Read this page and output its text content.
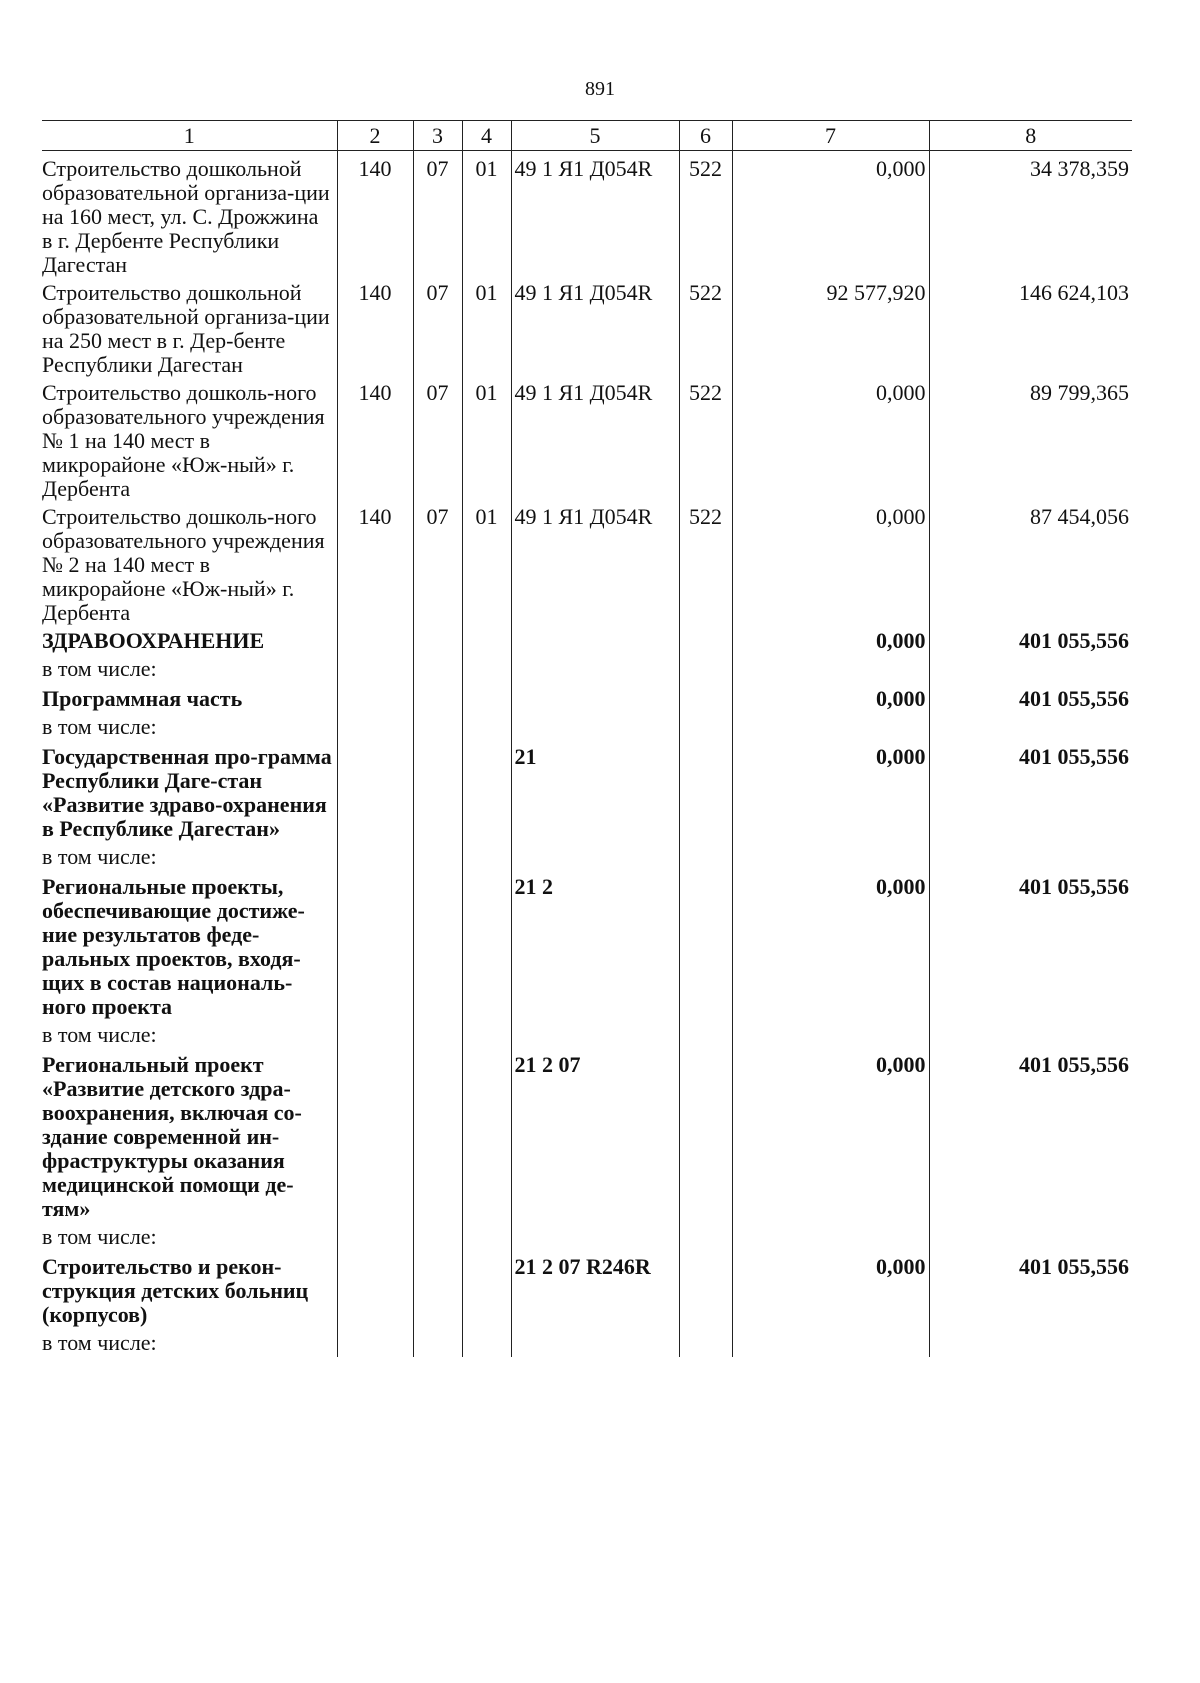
891
1	2	3	4	5	6	7	8
Строительство дошкольной образовательной организа-ции на 160 мест, ул. С. Дрожжина в г. Дербенте Республики Дагестан	140	07	01	49 1 Я1 Д054R	522	0,000	34 378,359
Строительство дошкольной образовательной организа-ции на 250 мест в г. Дер-бенте Республики Дагестан	140	07	01	49 1 Я1 Д054R	522	92 577,920	146 624,103
Строительство дошколь-ного образовательного учреждения № 1 на 140 мест в микрорайоне «Юж-ный» г. Дербента	140	07	01	49 1 Я1 Д054R	522	0,000	89 799,365
Строительство дошколь-ного образовательного учреждения № 2 на 140 мест в микрорайоне «Юж-ный» г. Дербента	140	07	01	49 1 Я1 Д054R	522	0,000	87 454,056
ЗДРАВООХРАНЕНИЕ						0,000	401 055,556
в том числе:							
Программная часть						0,000	401 055,556
в том числе:							
Государственная про-грамма Республики Даге-стан «Развитие здраво-охранения в Республике Дагестан»				21		0,000	401 055,556
в том числе:							
Региональные проекты, обеспечивающие достиже-ние результатов феде-ральных проектов, входя-щих в состав националь-ного проекта				21 2		0,000	401 055,556
в том числе:							
Региональный проект «Развитие детского здра-воохранения, включая со-здание современной ин-фраструктуры оказания медицинской помощи де-тям»				21 2 07		0,000	401 055,556
в том числе:							
Строительство и рекон-струкция детских больниц (корпусов)				21 2 07 R246R		0,000	401 055,556
в том числе:							
